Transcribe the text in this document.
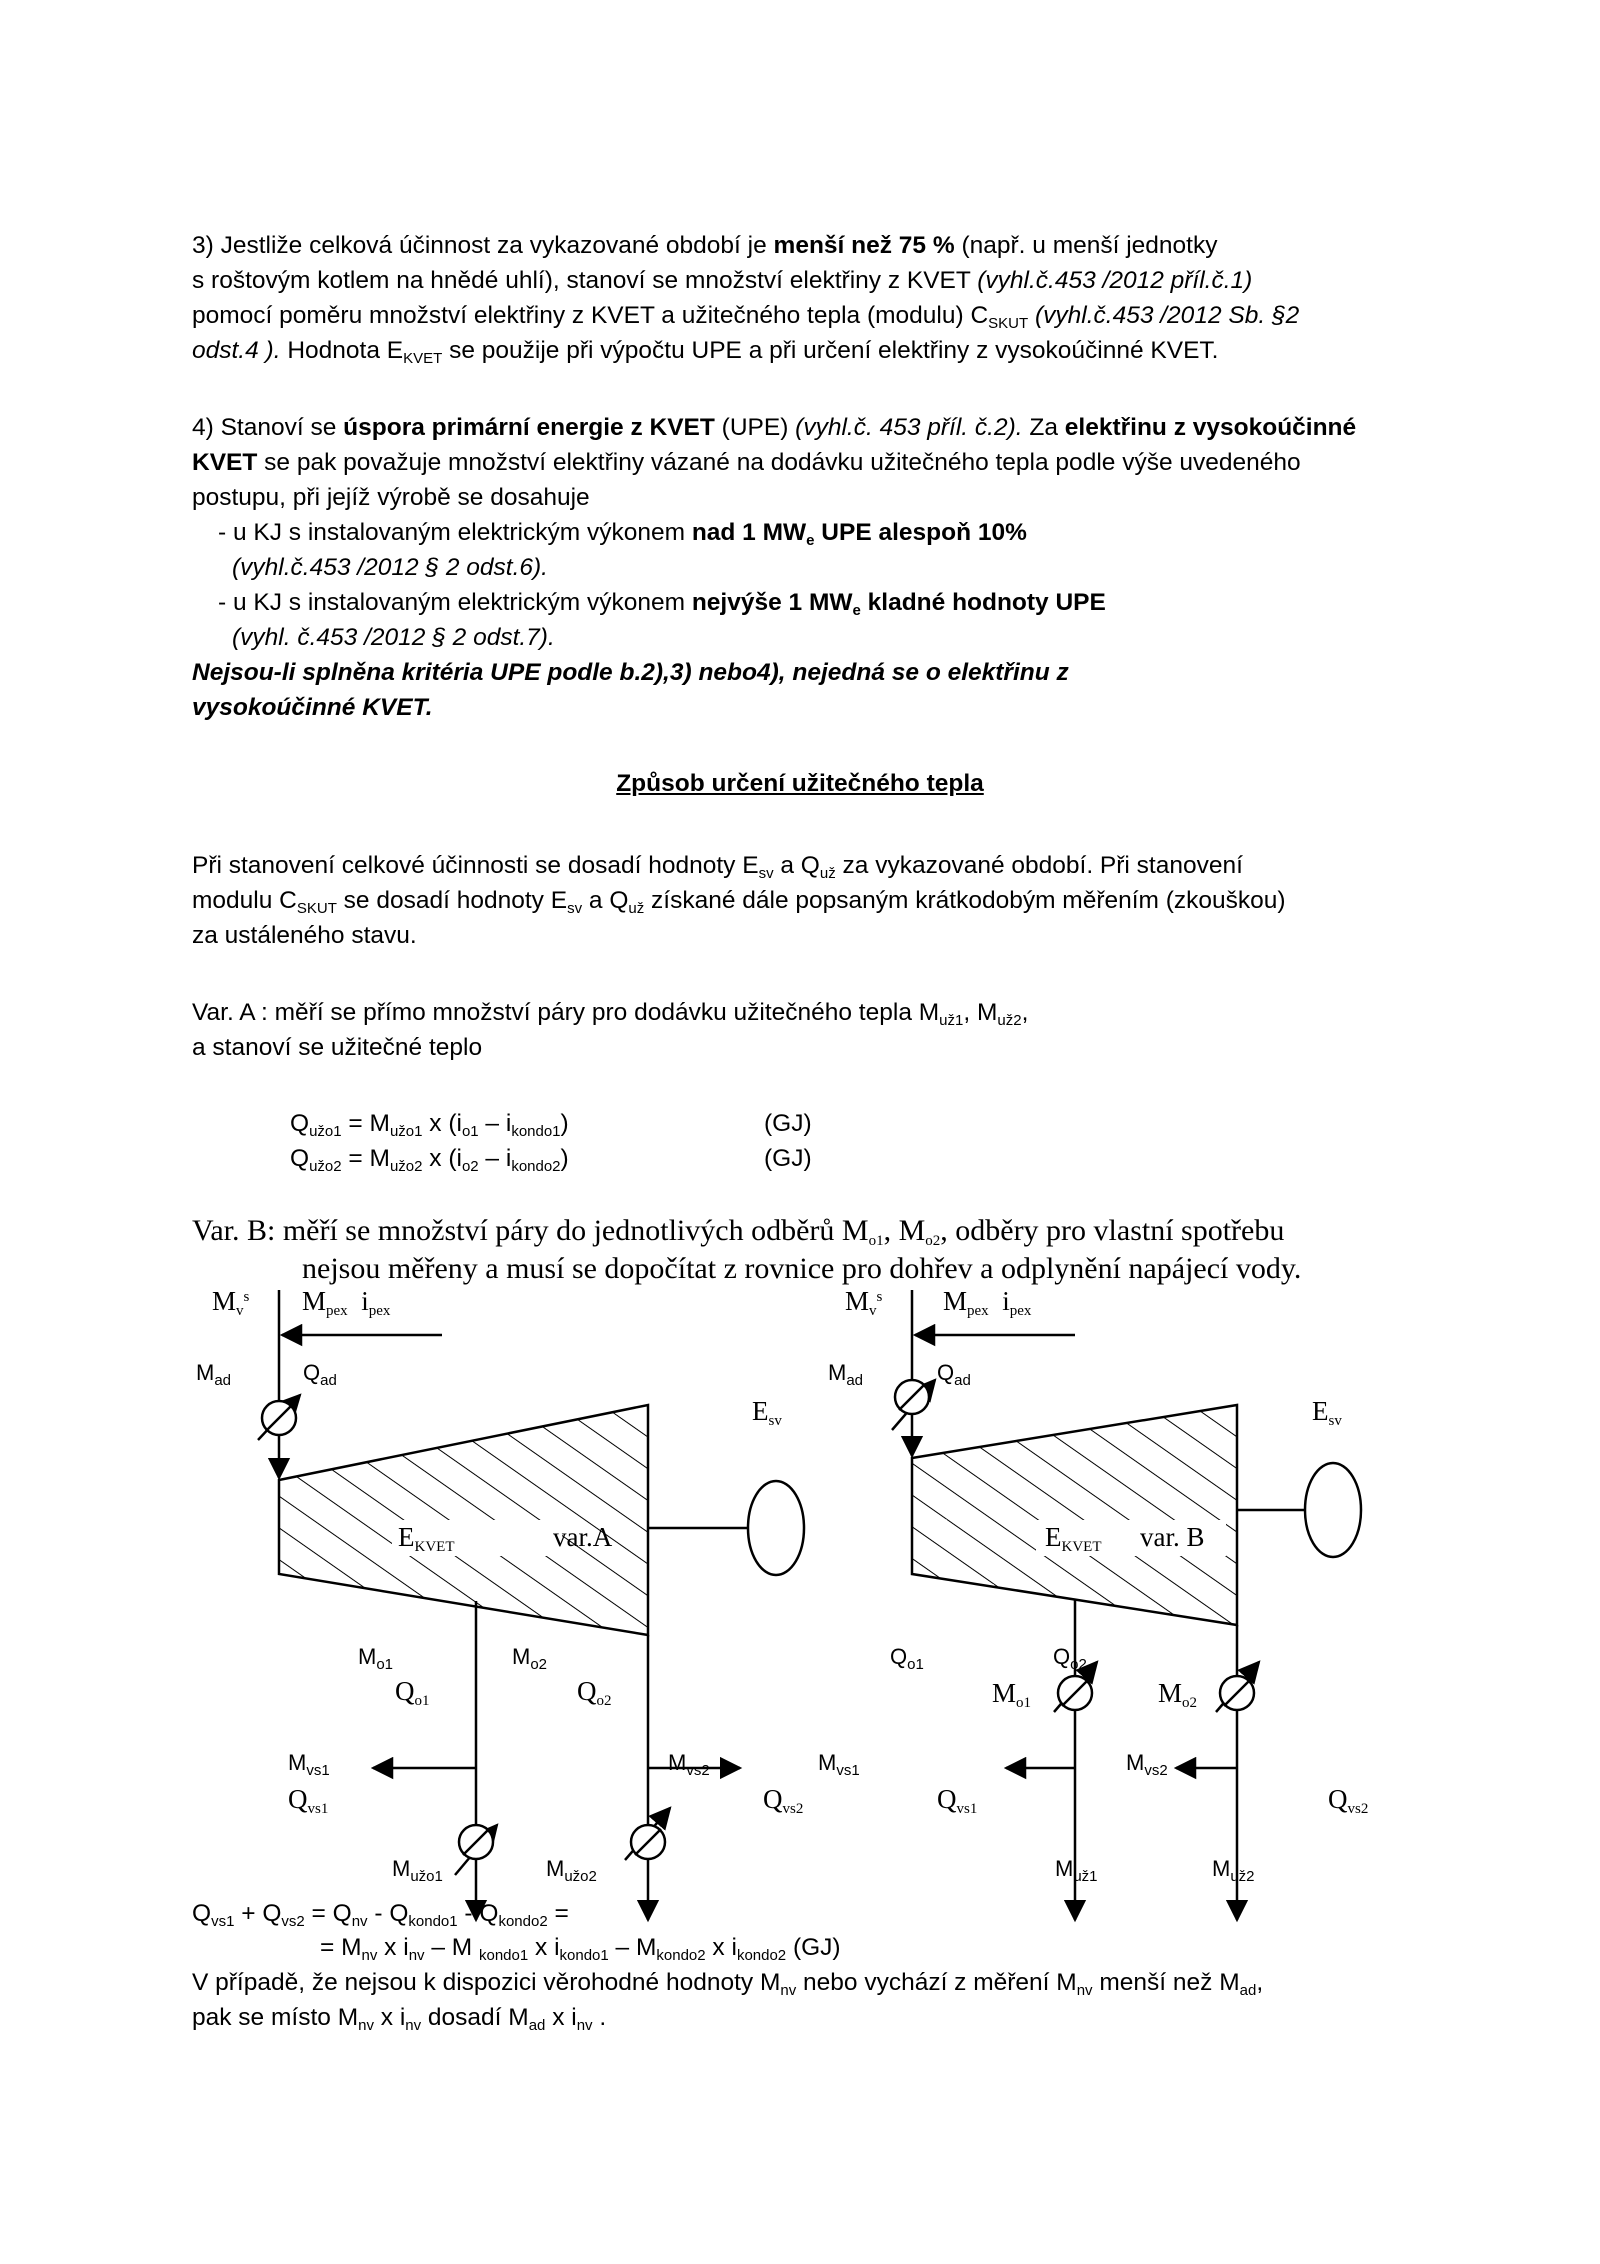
3) Jestliže celková účinnost za vykazované období je menší než 75 % (např. u menší jednotky
s roštovým kotlem na hnědé uhlí), stanoví se množství elektřiny z KVET (vyhl.č.453 /2012 příl.č.1)
pomocí poměru množství elektřiny z KVET a užitečného tepla (modulu) $C_{SKUT}$ (vyhl.č.453 /2012 Sb. §2
odst.4 ). Hodnota $E_{KVET}$ se použije při výpočtu UPE a při určení elektřiny z vysokoúčinné KVET.
4) Stanoví se úspora primární energie z KVET (UPE) (vyhl.č. 453 příl. č.2). Za elektřinu z vysokoúčinné
KVET se pak považuje množství elektřiny vázané na dodávku užitečného tepla podle výše uvedeného
postupu, při jejíž výrobě se dosahuje
- u KJ s instalovaným elektrickým výkonem nad 1 $MW_e$ UPE alespoň 10%
(vyhl.č.453 /2012 § 2 odst.6).
- u KJ s instalovaným elektrickým výkonem nejvýše 1 $MW_e$ kladné hodnoty UPE
(vyhl. č.453 /2012 § 2 odst.7).
Nejsou-li splněna kritéria UPE podle b.2),3) nebo4), nejedná se o elektřinu z
vysokoúčinné KVET.
Způsob určení užitečného tepla
Při stanovení celkové účinnosti se dosadí hodnoty $E_{sv}$ a $Q_{už}$ za vykazované období. Při stanovení
modulu $C_{SKUT}$ se dosadí hodnoty $E_{sv}$ a $Q_{už}$ získané dále popsaným krátkodobým měřením (zkouškou)
za ustáleného stavu.
Var. A : měří se přímo množství páry pro dodávku užitečného tepla $M_{už1}$, $M_{už2}$,
a stanoví se užitečné teplo
$Q_{užo1} = M_{užo1}$ x $(i_{o1} - i_{kondo1})$	(GJ)
$Q_{užo2} = M_{užo2}$ x $(i_{o2} - i_{kondo2})$	(GJ)
Var. B: měří se množství páry do jednotlivých odběrů $M_{o1}$, $M_{o2}$, odběry pro vlastní spotřebu
nejsou měřeny a musí se dopočítat z rovnice pro dohřev a odplynění napájecí vody.
$M_v^s$ $M_{pex}$ $i_{pex}$
$M_{ad}$	$Q_{ad}$
$E_{sv}$
$E_{KVET}$	var.A
$M_{o1}$	$M_{o2}$
$Q_{o1}$	$Q_{o2}$
$M_{vs1}$	$M_{vs2}$
$Q_{vs1}$	$Q_{vs2}$
$M_{užo1}$	$M_{užo2}$
$M_v^s$ $M_{pex}$ $i_{pex}$
$M_{ad}$	$Q_{ad}$
$E_{sv}$
$E_{KVET}$ var. B
$Q_{o1}$	$Q_{o2}$
$M_{o1}$	$M_{o2}$
$M_{vs1}$	$M_{vs2}$
$Q_{vs1}$	$Q_{vs2}$
$M_{už1}$	$M_{už2}$
$Q_{vs1} + Q_{vs2} = Q_{nv} - Q_{kondo1} - Q_{kondo2}$ =
= $M_{nv}$ x $i_{nv}$ – M $_{kondo1}$ x $i_{kondo1} - M_{kondo2}$ x $i_{kondo2}$ (GJ)
V případě, že nejsou k dispozici věrohodné hodnoty $M_{nv}$ nebo vychází z měření $M_{nv}$ menší než $M_{ad}$,
pak se místo $M_{nv}$ x $i_{nv}$ dosadí $M_{ad}$ x $i_{nv}$ .
